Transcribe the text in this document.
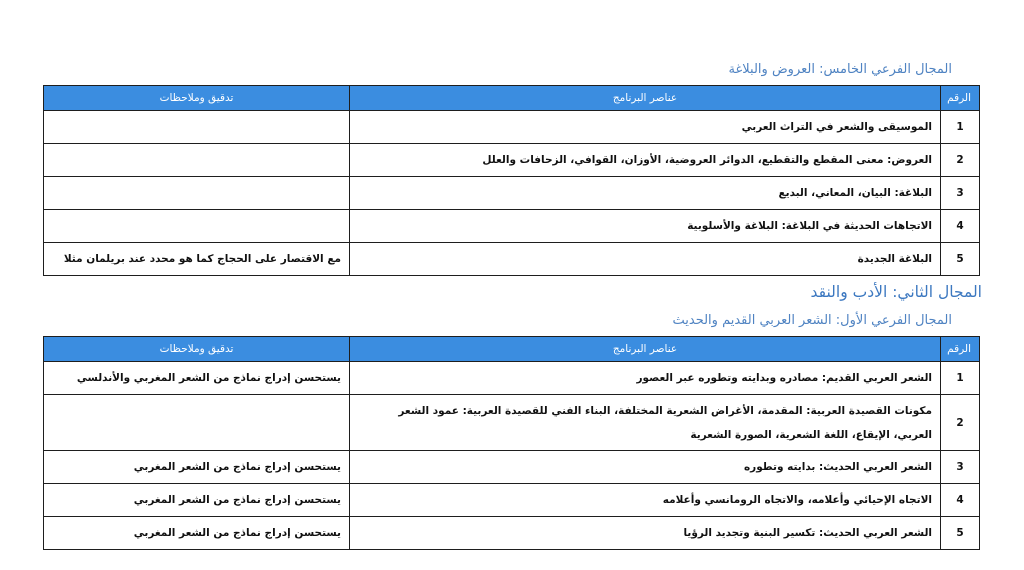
المجال الفرعي الخامس: العروض والبلاغة
الرقم	عناصر البرنامج	تدقيق وملاحظات
1	الموسيقى والشعر في التراث العربي	
2	العروض: معنى المقطع والتقطيع، الدوائر العروضية، الأوزان، القوافي، الزحافات والعلل	
3	البلاغة: البيان، المعاني، البديع	
4	الاتجاهات الحديثة في البلاغة: البلاغة والأسلوبية	
5	البلاغة الجديدة	مع الاقتصار على الحجاج كما هو محدد عند بريلمان مثلا
المجال الثاني: الأدب والنقد
المجال الفرعي الأول: الشعر العربي القديم والحديث
الرقم	عناصر البرنامج	تدقيق وملاحظات
1	الشعر العربي القديم: مصادره وبدايته وتطوره عبر العصور	يستحسن إدراج نماذج من الشعر المغربي والأندلسي
2	مكونات القصيدة العربية: المقدمة، الأغراض الشعرية المختلفة، البناء الفني للقصيدة العربية: عمود الشعر العربي، الإيقاع، اللغة الشعرية، الصورة الشعرية	
3	الشعر العربي الحديث: بدايته وتطوره	يستحسن إدراج نماذج من الشعر المغربي
4	الاتجاه الإحيائي وأعلامه، والاتجاه الرومانسي وأعلامه	يستحسن إدراج نماذج من الشعر المغربي
5	الشعر العربي الحديث: تكسير البنية وتجديد الرؤيا	يستحسن إدراج نماذج من الشعر المغربي
